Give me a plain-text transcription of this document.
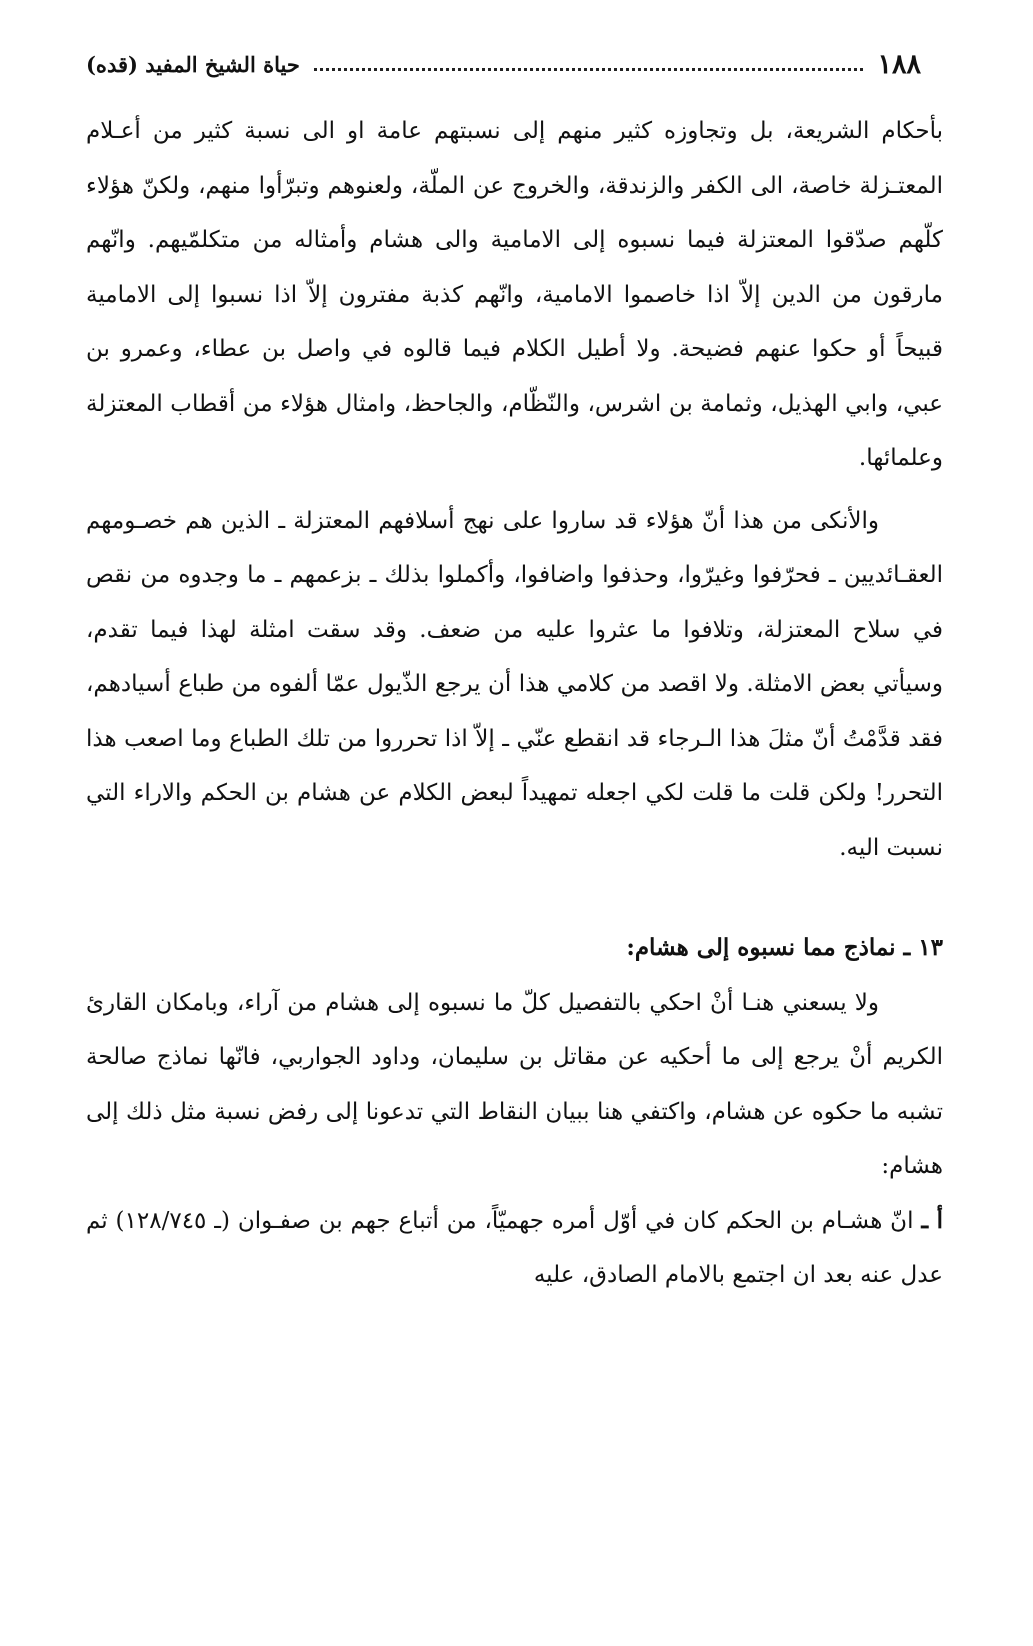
١٨٨
حياة الشيخ المفيد (قده)

بأحكام الشريعة، بل وتجاوزه كثير منهم إلى نسبتهم عامة او الى نسبة كثير من أعـلام المعتـزلة خاصة، الى الكفر والزندقة، والخروج عن الملّة، ولعنوهم وتبرّأوا منهم، ولكنّ هؤلاء كلّهم صدّقوا المعتزلة فيما نسبوه إلى الامامية والى هشام وأمثاله من متكلمّيهم. وانّهم مارقون من الدين إلاّ اذا خاصموا الامامية، وانّهم كذبة مفترون إلاّ اذا نسبوا إلى الامامية قبيحاً أو حكوا عنهم فضيحة. ولا أطيل الكلام فيما قالوه في واصل بن عطاء، وعمرو بن عبي، وابي الهذيل، وثمامة بن اشرس، والنّظّام، والجاحظ، وامثال هؤلاء من أقطاب المعتزلة وعلمائها.

والأنكى من هذا أنّ هؤلاء قد ساروا على نهج أسلافهم المعتزلة ـ الذين هم خصـومهم العقـائديين ـ فحرّفوا وغيرّوا، وحذفوا واضافوا، وأكملوا بذلك ـ بزعمهم ـ ما وجدوه من نقص في سلاح المعتزلة، وتلافوا ما عثروا عليه من ضعف. وقد سقت امثلة لهذا فيما تقدم، وسيأتي بعض الامثلة. ولا اقصد من كلامي هذا أن يرجع الذّيول عمّا ألفوه من طباع أسيادهم، فقد قدَّمْتُ أنّ مثلَ هذا الـرجاء قد انقطع عنّي ـ إلاّ اذا تحرروا من تلك الطباع وما اصعب هذا التحرر! ولكن قلت ما قلت لكي اجعله تمهيداً لبعض الكلام عن هشام بن الحكم والاراء التي نسبت اليه.

١٣ ـ نماذج مما نسبوه إلى هشام:

ولا يسعني هنـا أنْ احكي بالتفصيل كلّ ما نسبوه إلى هشام من آراء، وبامكان القارئ الكريم أنْ يرجع إلى ما أحكيه عن مقاتل بن سليمان، وداود الجواربي، فانّها نماذج صالحة تشبه ما حكوه عن هشام، واكتفي هنا ببيان النقاط التي تدعونا إلى رفض نسبة مثل ذلك إلى هشام:

أ ـ انّ هشـام بن الحكم كان في أوّل أمره جهميّاً، من أتباع جهم بن صفـوان (ـ ١٢٨/٧٤٥) ثم عدل عنه بعد ان اجتمع بالامام الصادق، عليه
